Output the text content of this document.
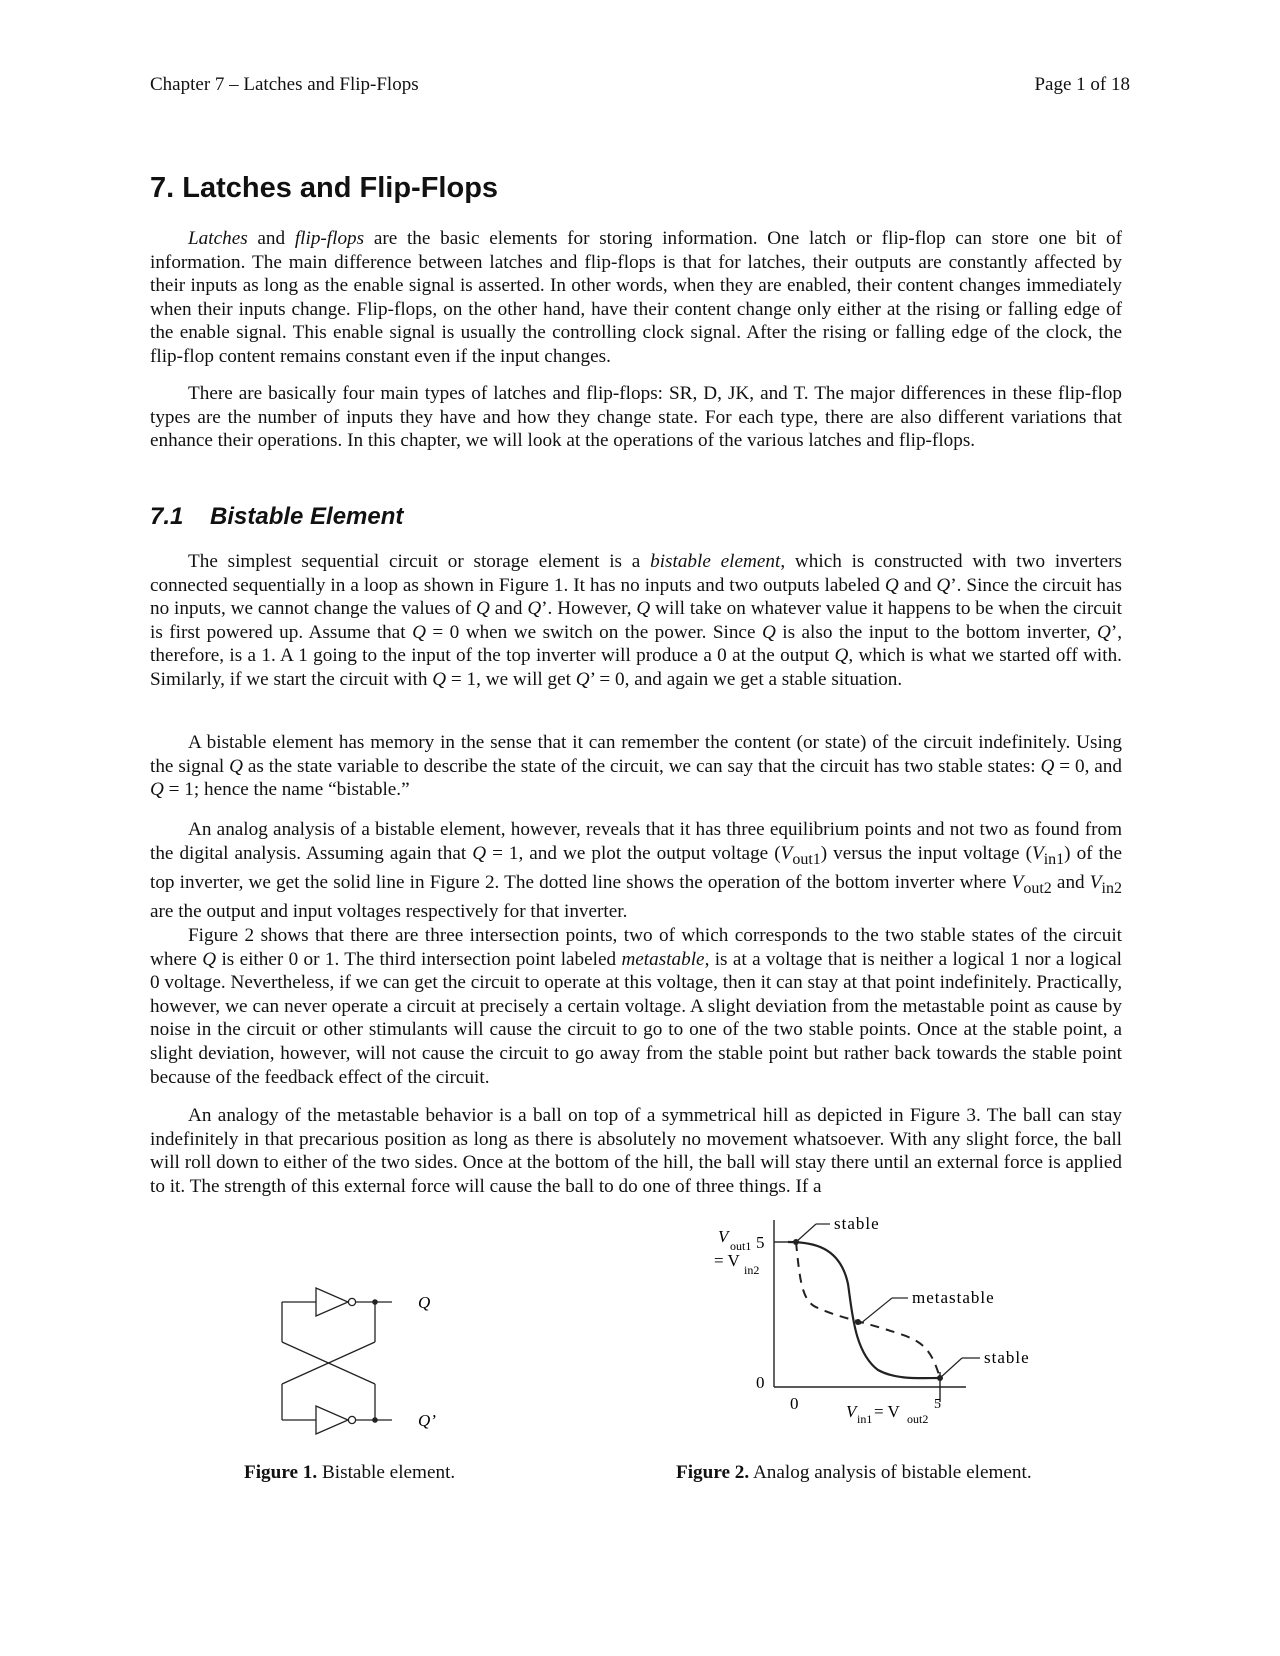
Chapter 7 – Latches and Flip-Flops	Page 1 of 18
7. Latches and Flip-Flops

Latches and flip-flops are the basic elements for storing information. One latch or flip-flop can store one bit of information. The main difference between latches and flip-flops is that for latches, their outputs are constantly affected by their inputs as long as the enable signal is asserted. In other words, when they are enabled, their content changes immediately when their inputs change. Flip-flops, on the other hand, have their content change only either at the rising or falling edge of the enable signal. This enable signal is usually the controlling clock signal. After the rising or falling edge of the clock, the flip-flop content remains constant even if the input changes.

There are basically four main types of latches and flip-flops: SR, D, JK, and T. The major differences in these flip-flop types are the number of inputs they have and how they change state. For each type, there are also different variations that enhance their operations. In this chapter, we will look at the operations of the various latches and flip-flops.

7.1 Bistable Element

The simplest sequential circuit or storage element is a bistable element, which is constructed with two inverters connected sequentially in a loop as shown in Figure 1. It has no inputs and two outputs labeled Q and Q’. Since the circuit has no inputs, we cannot change the values of Q and Q’. However, Q will take on whatever value it happens to be when the circuit is first powered up. Assume that Q = 0 when we switch on the power. Since Q is also the input to the bottom inverter, Q’, therefore, is a 1. A 1 going to the input of the top inverter will produce a 0 at the output Q, which is what we started off with. Similarly, if we start the circuit with Q = 1, we will get Q’ = 0, and again we get a stable situation.

A bistable element has memory in the sense that it can remember the content (or state) of the circuit indefinitely. Using the signal Q as the state variable to describe the state of the circuit, we can say that the circuit has two stable states: Q = 0, and Q = 1; hence the name “bistable.”

An analog analysis of a bistable element, however, reveals that it has three equilibrium points and not two as found from the digital analysis. Assuming again that Q = 1, and we plot the output voltage $(V_{out1})$ versus the input voltage $(V_{in1})$ of the top inverter, we get the solid line in Figure 2. The dotted line shows the operation of the bottom inverter where $V_{out2}$ and $V_{in2}$ are the output and input voltages respectively for that inverter.

Figure 2 shows that there are three intersection points, two of which corresponds to the two stable states of the circuit where Q is either 0 or 1. The third intersection point labeled metastable, is at a voltage that is neither a logical 1 nor a logical 0 voltage. Nevertheless, if we can get the circuit to operate at this voltage, then it can stay at that point indefinitely. Practically, however, we can never operate a circuit at precisely a certain voltage. A slight deviation from the metastable point as cause by noise in the circuit or other stimulants will cause the circuit to go to one of the two stable points. Once at the stable point, a slight deviation, however, will not cause the circuit to go away from the stable point but rather back towards the stable point because of the feedback effect of the circuit.

An analogy of the metastable behavior is a ball on top of a symmetrical hill as depicted in Figure 3. The ball can stay indefinitely in that precarious position as long as there is absolutely no movement whatsoever. With any slight force, the ball will roll down to either of the two sides. Once at the bottom of the hill, the ball will stay there until an external force is applied to it. The strength of this external force will cause the ball to do one of three things. If a

Q
Q’
Figure 1. Bistable element.
stable
metastable
stable
V out1
= V in2
5
0
0	5
V in1 = V out2
Figure 2. Analog analysis of bistable element.
